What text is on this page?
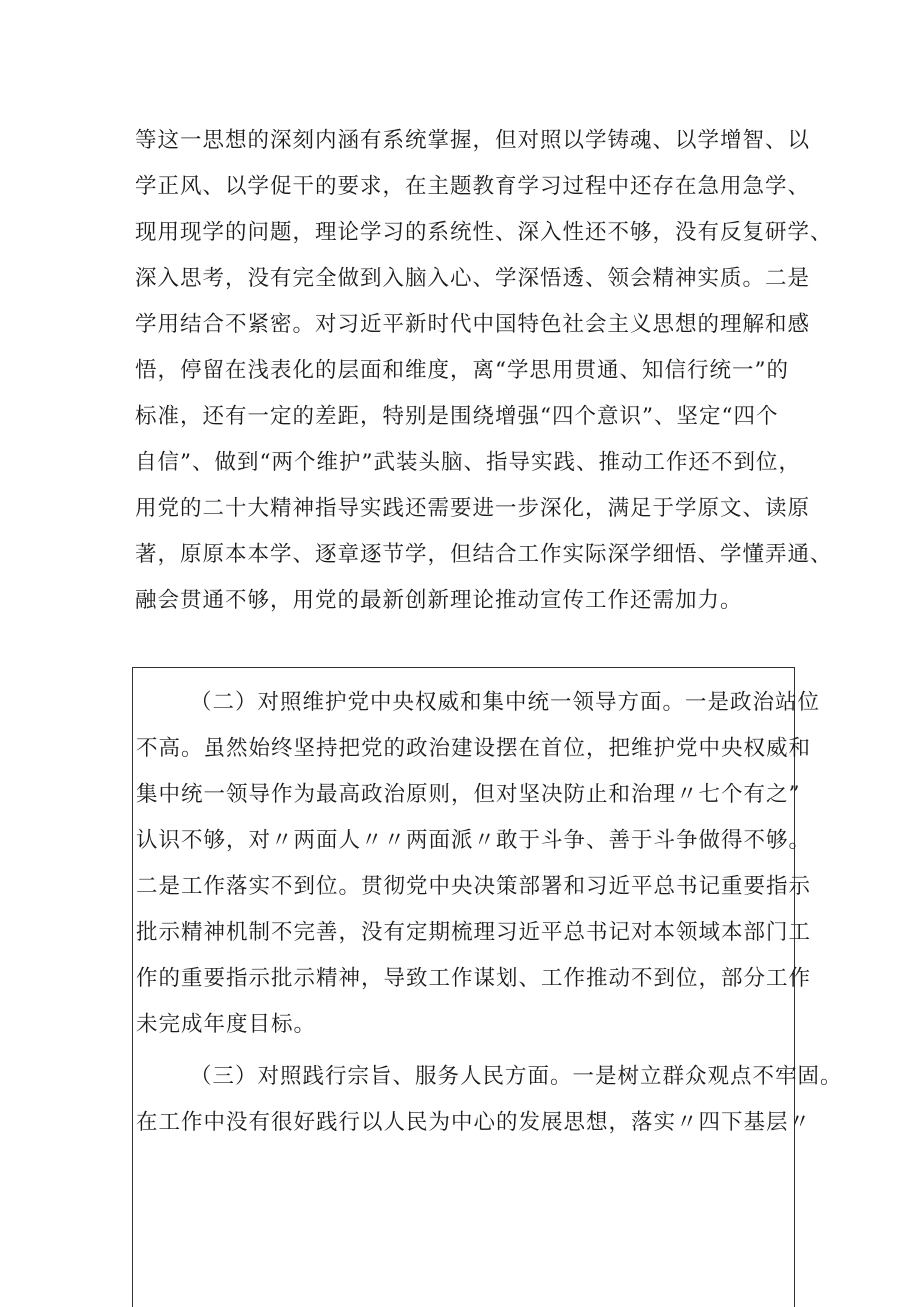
等这一思想的深刻内涵有系统掌握，但对照以学铸魂、以学增智、以
学正风、以学促干的要求，在主题教育学习过程中还存在急用急学、
现用现学的问题，理论学习的系统性、深入性还不够，没有反复研学、
深入思考，没有完全做到入脑入心、学深悟透、领会精神实质。二是
学用结合不紧密。对习近平新时代中国特色社会主义思想的理解和感
悟，停留在浅表化的层面和维度，离“学思用贯通、知信行统一”的
标准，还有一定的差距，特别是围绕增强“四个意识”、坚定“四个
自信”、做到“两个维护”武装头脑、指导实践、推动工作还不到位，
用党的二十大精神指导实践还需要进一步深化，满足于学原文、读原
著，原原本本学、逐章逐节学，但结合工作实际深学细悟、学懂弄通、
融会贯通不够，用党的最新创新理论推动宣传工作还需加力。
（二）对照维护党中央权威和集中统一领导方面。一是政治站位
不高。虽然始终坚持把党的政治建设摆在首位，把维护党中央权威和
集中统一领导作为最高政治原则，但对坚决防止和治理〃七个有之”
认识不够，对〃两面人〃〃两面派〃敢于斗争、善于斗争做得不够。
二是工作落实不到位。贯彻党中央决策部署和习近平总书记重要指示
批示精神机制不完善，没有定期梳理习近平总书记对本领域本部门工
作的重要指示批示精神，导致工作谋划、工作推动不到位，部分工作
未完成年度目标。
（三）对照践行宗旨、服务人民方面。一是树立群众观点不牢固。
在工作中没有很好践行以人民为中心的发展思想，落实〃四下基层〃
